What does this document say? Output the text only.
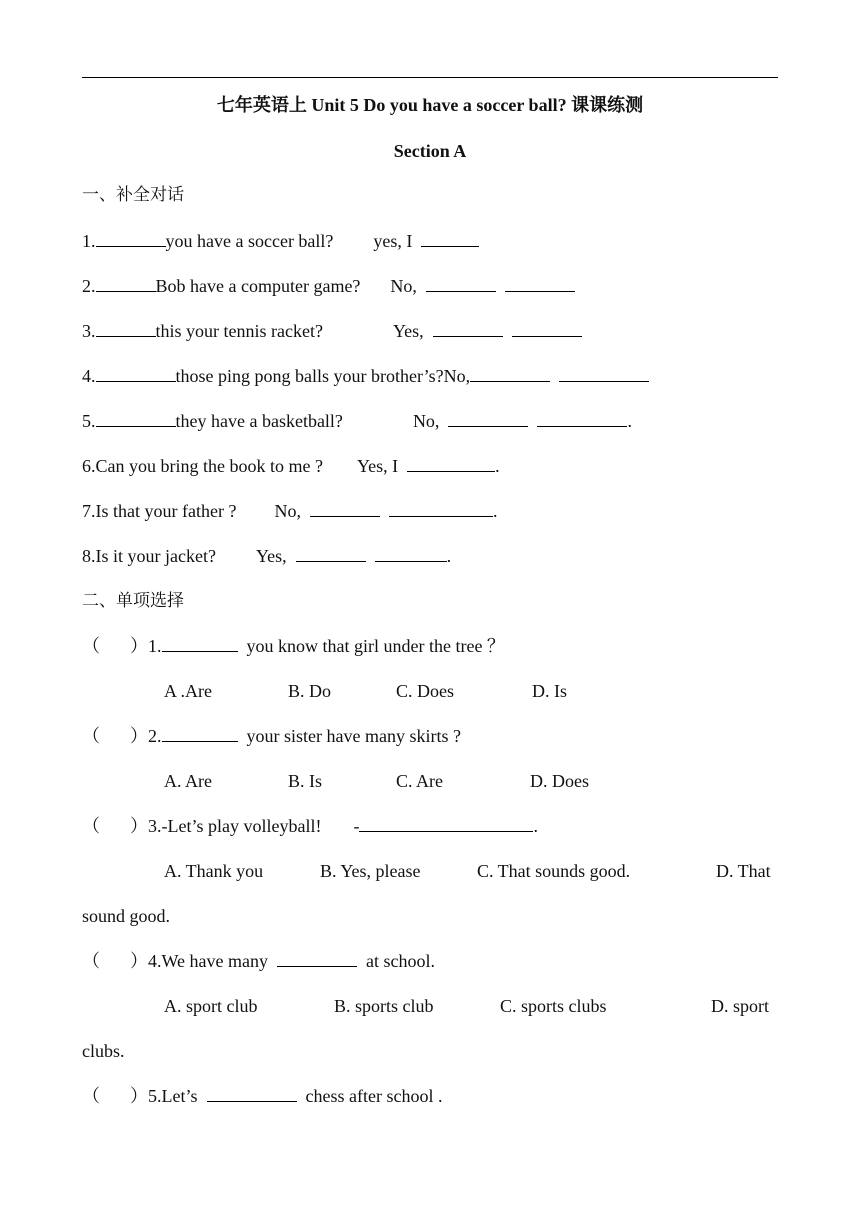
七年英语上 Unit 5 Do you have a soccer ball? 课课练测
Section A
一、补全对话
1.	you have a soccer ball? yes, I
2.	Bob have a computer game? No,
3.	this your tennis racket?	Yes,
4.	those ping pong balls your brother’s?No,
5.	they have a basketball?	No,	.
6.Can you bring the book to me ? Yes, I	.
7.Is that your father ? No,	.
8.Is it your jacket? Yes,	.
二、单项选择
（ ）1.	you know that girl under the tree ？
A .Are	B. Do	C. Does	D. Is
（ ）2.	your sister have many skirts ?
A. Are	B. Is	C. Are	D. Does
（ ）3.-Let’s play volleyball! -	.
A. Thank you	B. Yes, please	C. That sounds good.	D. That
sound good.
（ ）4.We have many	at school.
A. sport club	B. sports club	C. sports clubs	D. sport
clubs.
（ ）5.Let’s	chess after school .
